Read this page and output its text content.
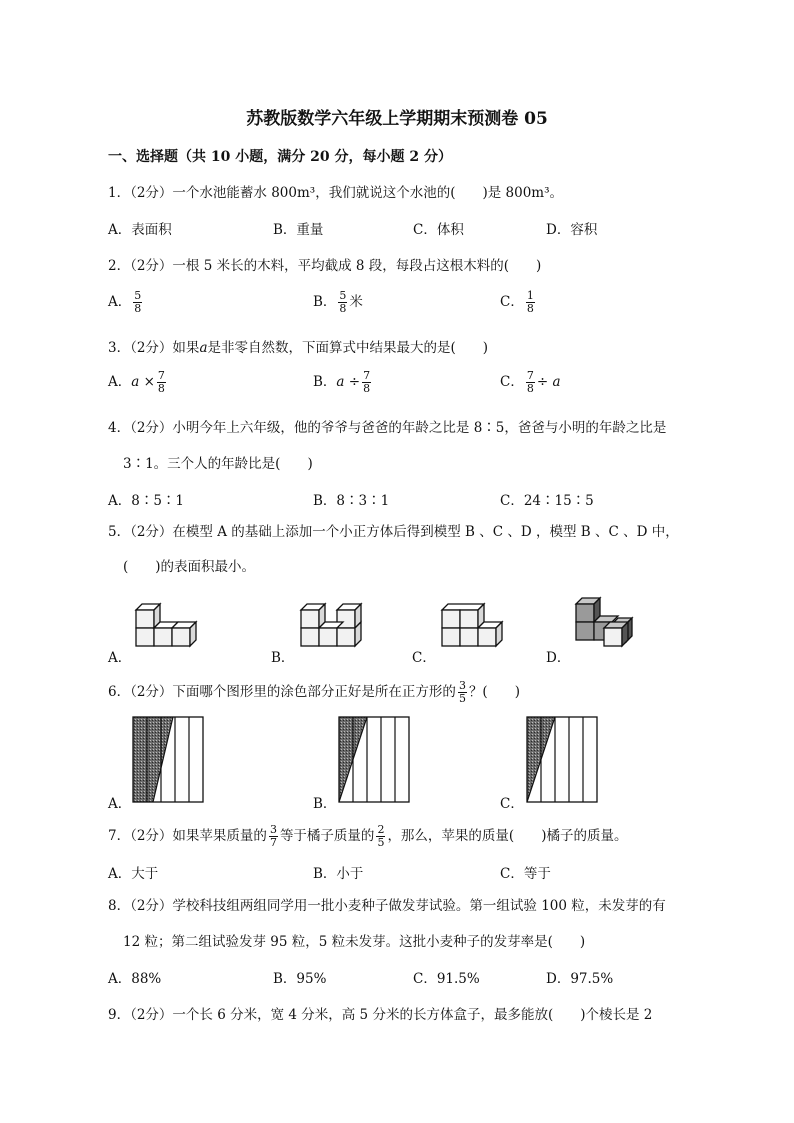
苏教版数学六年级上学期期末预测卷 05
一、选择题（共 10 小题，满分 20 分，每小题 2 分）
1．（2分）一个水池能蓄水 800m³，我们就说这个水池的(　　)是 800m³。
A．表面积	B．重量	C．体积	D．容积
2．（2分）一根 5 米长的木料，平均截成 8 段，每段占这根木料的(　　)
A． $\frac{5}{8}$	B． $\frac{5}{8}$ 米	C． $\frac{1}{8}$
3．（2分）如果a是非零自然数，下面算式中结果最大的是(　　)
A．$a \times \frac{7}{8}$	B．$a \div \frac{7}{8}$	C． $\frac{7}{8} \div a$
4．（2分）小明今年上六年级，他的爷爷与爸爸的年龄之比是 8∶5，爸爸与小明的年龄之比是
3∶1。三个人的年龄比是(　　)
A．8∶5∶1	B．8∶3∶1	C．24∶15∶5
5．（2分）在模型 A 的基础上添加一个小正方体后得到模型 B 、C 、D ，模型 B 、C 、D 中，
(　　)的表面积最小。
A．	B．	C．	D．
6．（2分）下面哪个图形里的涂色部分正好是所在正方形的 $\frac{3}{5}$ ？(　　)
A．	B．	C．
7．（2分）如果苹果质量的 $\frac{3}{7}$ 等于橘子质量的 $\frac{2}{5}$ ，那么，苹果的质量(　　)橘子的质量。
A．大于	B．小于	C．等于
8．（2分）学校科技组两组同学用一批小麦种子做发芽试验。第一组试验 100 粒，未发芽的有
12 粒；第二组试验发芽 95 粒，5 粒未发芽。这批小麦种子的发芽率是(　　)
A．88%	B．95%	C．91.5%	D．97.5%
9．（2分）一个长 6 分米，宽 4 分米，高 5 分米的长方体盒子，最多能放(　　)个棱长是 2
